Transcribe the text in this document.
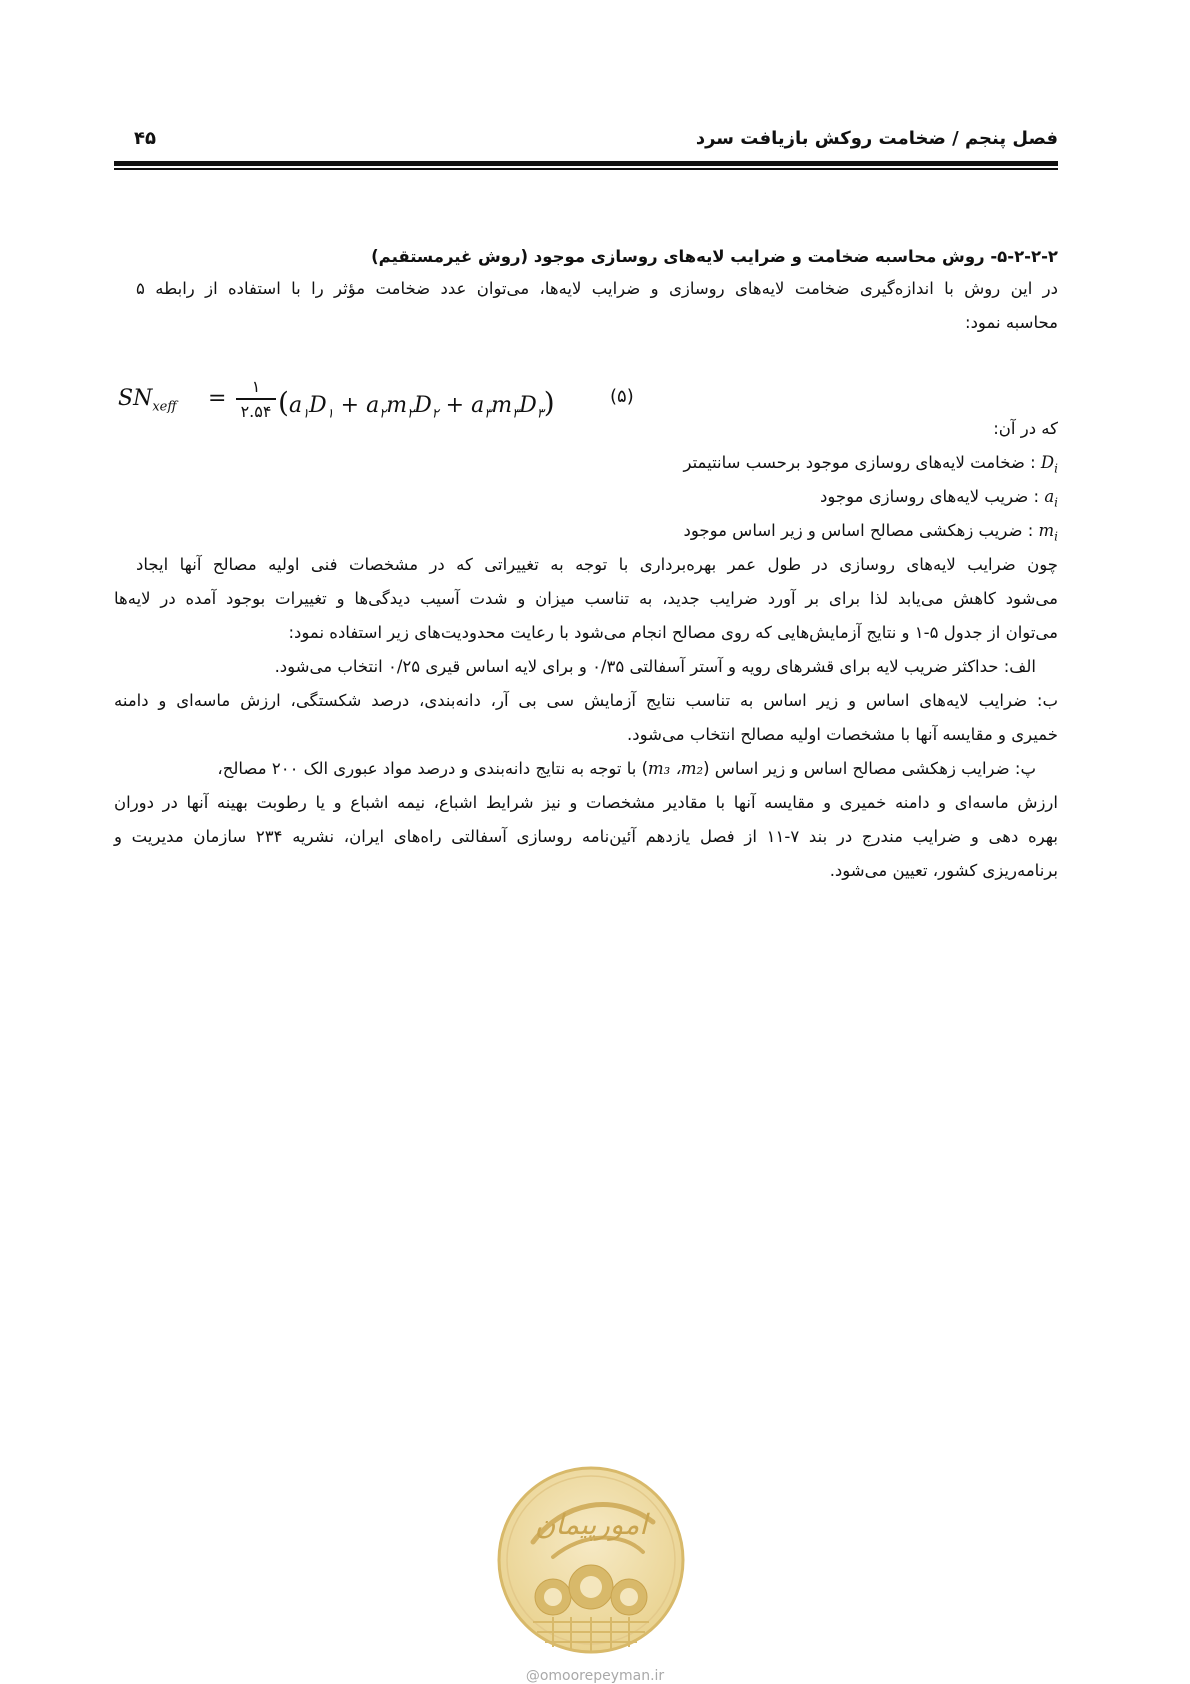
فصل پنجم / ضخامت روکش بازیافت سرد
۴۵
۵-۲-۲-۲- روش محاسبه ضخامت و ضرایب لایه‌های روسازی موجود (روش غیرمستقیم)
در این روش با اندازه‌گیری ضخامت لایه‌های روسازی و ضرایب لایه‌ها، می‌توان عدد ضخامت مؤثر را با استفاده از رابطه ۵
محاسبه نمود:
که در آن:
$D_i$ : ضخامت لایه‌های روسازی موجود برحسب سانتیمتر
$a_i$ : ضریب لایه‌های روسازی موجود
$m_i$ : ضریب زهکشی مصالح اساس و زیر اساس موجود
چون ضرایب لایه‌های روسازی در طول عمر بهره‌برداری با توجه به تغییراتی که در مشخصات فنی اولیه مصالح آنها ایجاد
می‌شود کاهش می‌یابد لذا برای بر آورد ضرایب جدید، به تناسب میزان و شدت آسیب دیدگی‌ها و تغییرات بوجود آمده در لایه‌ها
می‌توان از جدول ۵-۱ و نتایج آزمایش‌هایی که روی مصالح انجام می‌شود با رعایت محدودیت‌های زیر استفاده نمود:
الف: حداکثر ضریب لایه برای قشرهای رویه و آستر آسفالتی ۰/۳۵ و برای لایه اساس قیری ۰/۲۵ انتخاب می‌شود.
ب: ضرایب لایه‌های اساس و زیر اساس به تناسب نتایج آزمایش سی بی آر، دانه‌بندی، درصد شکستگی، ارزش ماسه‌ای و دامنه
خمیری و مقایسه آنها با مشخصات اولیه مصالح انتخاب می‌شود.
پ: ضرایب زهکشی مصالح اساس و زیر اساس (m₃ ،m₂) با توجه به نتایج دانه‌بندی و درصد مواد عبوری الک ۲۰۰ مصالح،
ارزش ماسه‌ای و دامنه خمیری و مقایسه آنها با مقادیر مشخصات و نیز شرایط اشباع، نیمه اشباع و یا رطوبت بهینه آنها در دوران
بهره دهی و ضرایب مندرج در بند ۷-۱۱ از فصل یازدهم آئین‌نامه روسازی آسفالتی راه‌های ایران، نشریه ۲۳۴ سازمان مدیریت و
برنامه‌ریزی کشور، تعیین می‌شود.
$SN_{xeff}$ =	۱
۲.۵۴ $(a_۱D_۱ + a_۲m_۲D_۲ + a_۳m_۳D_۳)$	(۵)
امورپیمان
@omoorepeyman.ir
